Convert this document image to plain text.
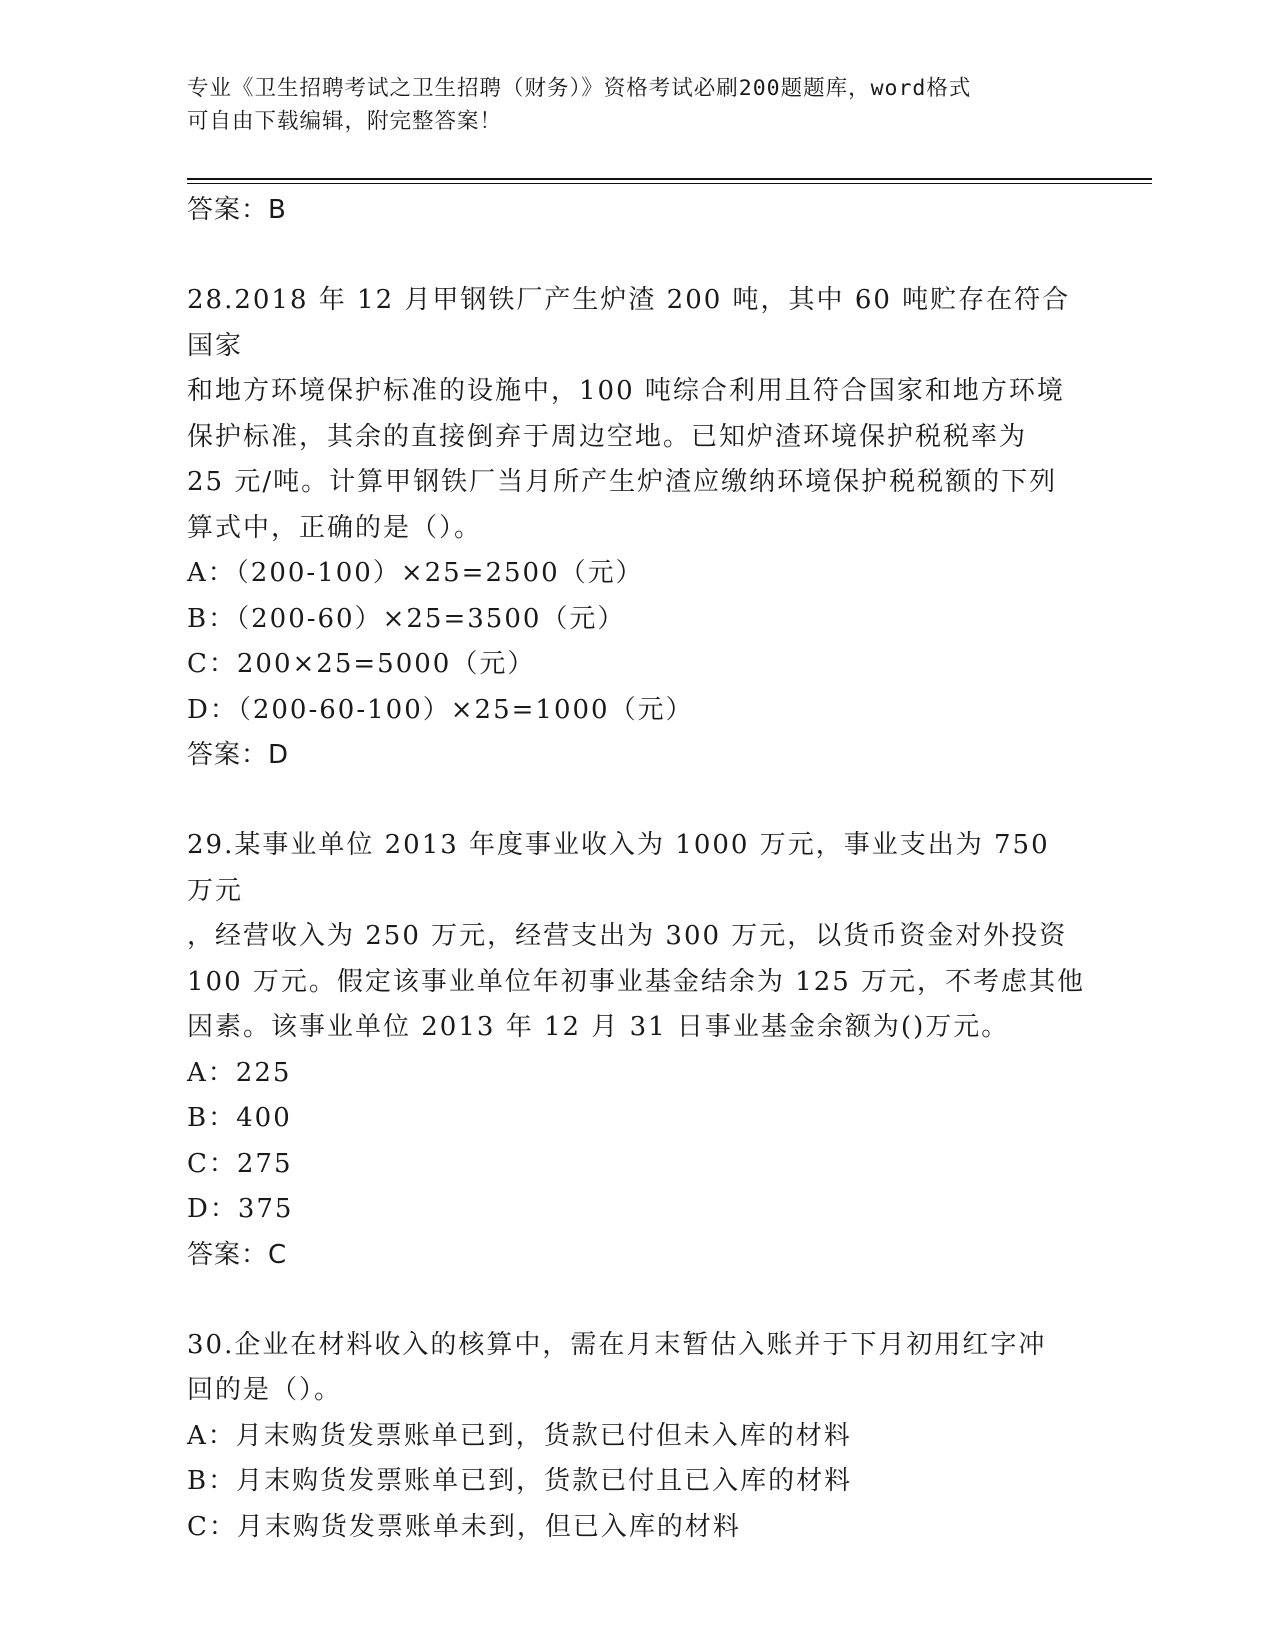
专业《卫生招聘考试之卫生招聘（财务）》资格考试必刷200题题库，word格式
可自由下载编辑，附完整答案！
答案：B
28.2018 年 12 月甲钢铁厂产生炉渣 200 吨，其中 60 吨贮存在符合国家
和地方环境保护标准的设施中，100 吨综合利用且符合国家和地方环境
保护标准，其余的直接倒弃于周边空地。已知炉渣环境保护税税率为
25 元/吨。计算甲钢铁厂当月所产生炉渣应缴纳环境保护税税额的下列
算式中，正确的是（）。
A：（200-100）×25=2500（元）
B：（200-60）×25=3500（元）
C：200×25=5000（元）
D：（200-60-100）×25=1000（元）
答案：D
29.某事业单位 2013 年度事业收入为 1000 万元，事业支出为 750 万元
，经营收入为 250 万元，经营支出为 300 万元，以货币资金对外投资
100 万元。假定该事业单位年初事业基金结余为 125 万元，不考虑其他
因素。该事业单位 2013 年 12 月 31 日事业基金余额为()万元。
A：225
B：400
C：275
D：375
答案：C
30.企业在材料收入的核算中，需在月末暂估入账并于下月初用红字冲
回的是（）。
A：月末购货发票账单已到，货款已付但未入库的材料
B：月末购货发票账单已到，货款已付且已入库的材料
C：月末购货发票账单未到，但已入库的材料
